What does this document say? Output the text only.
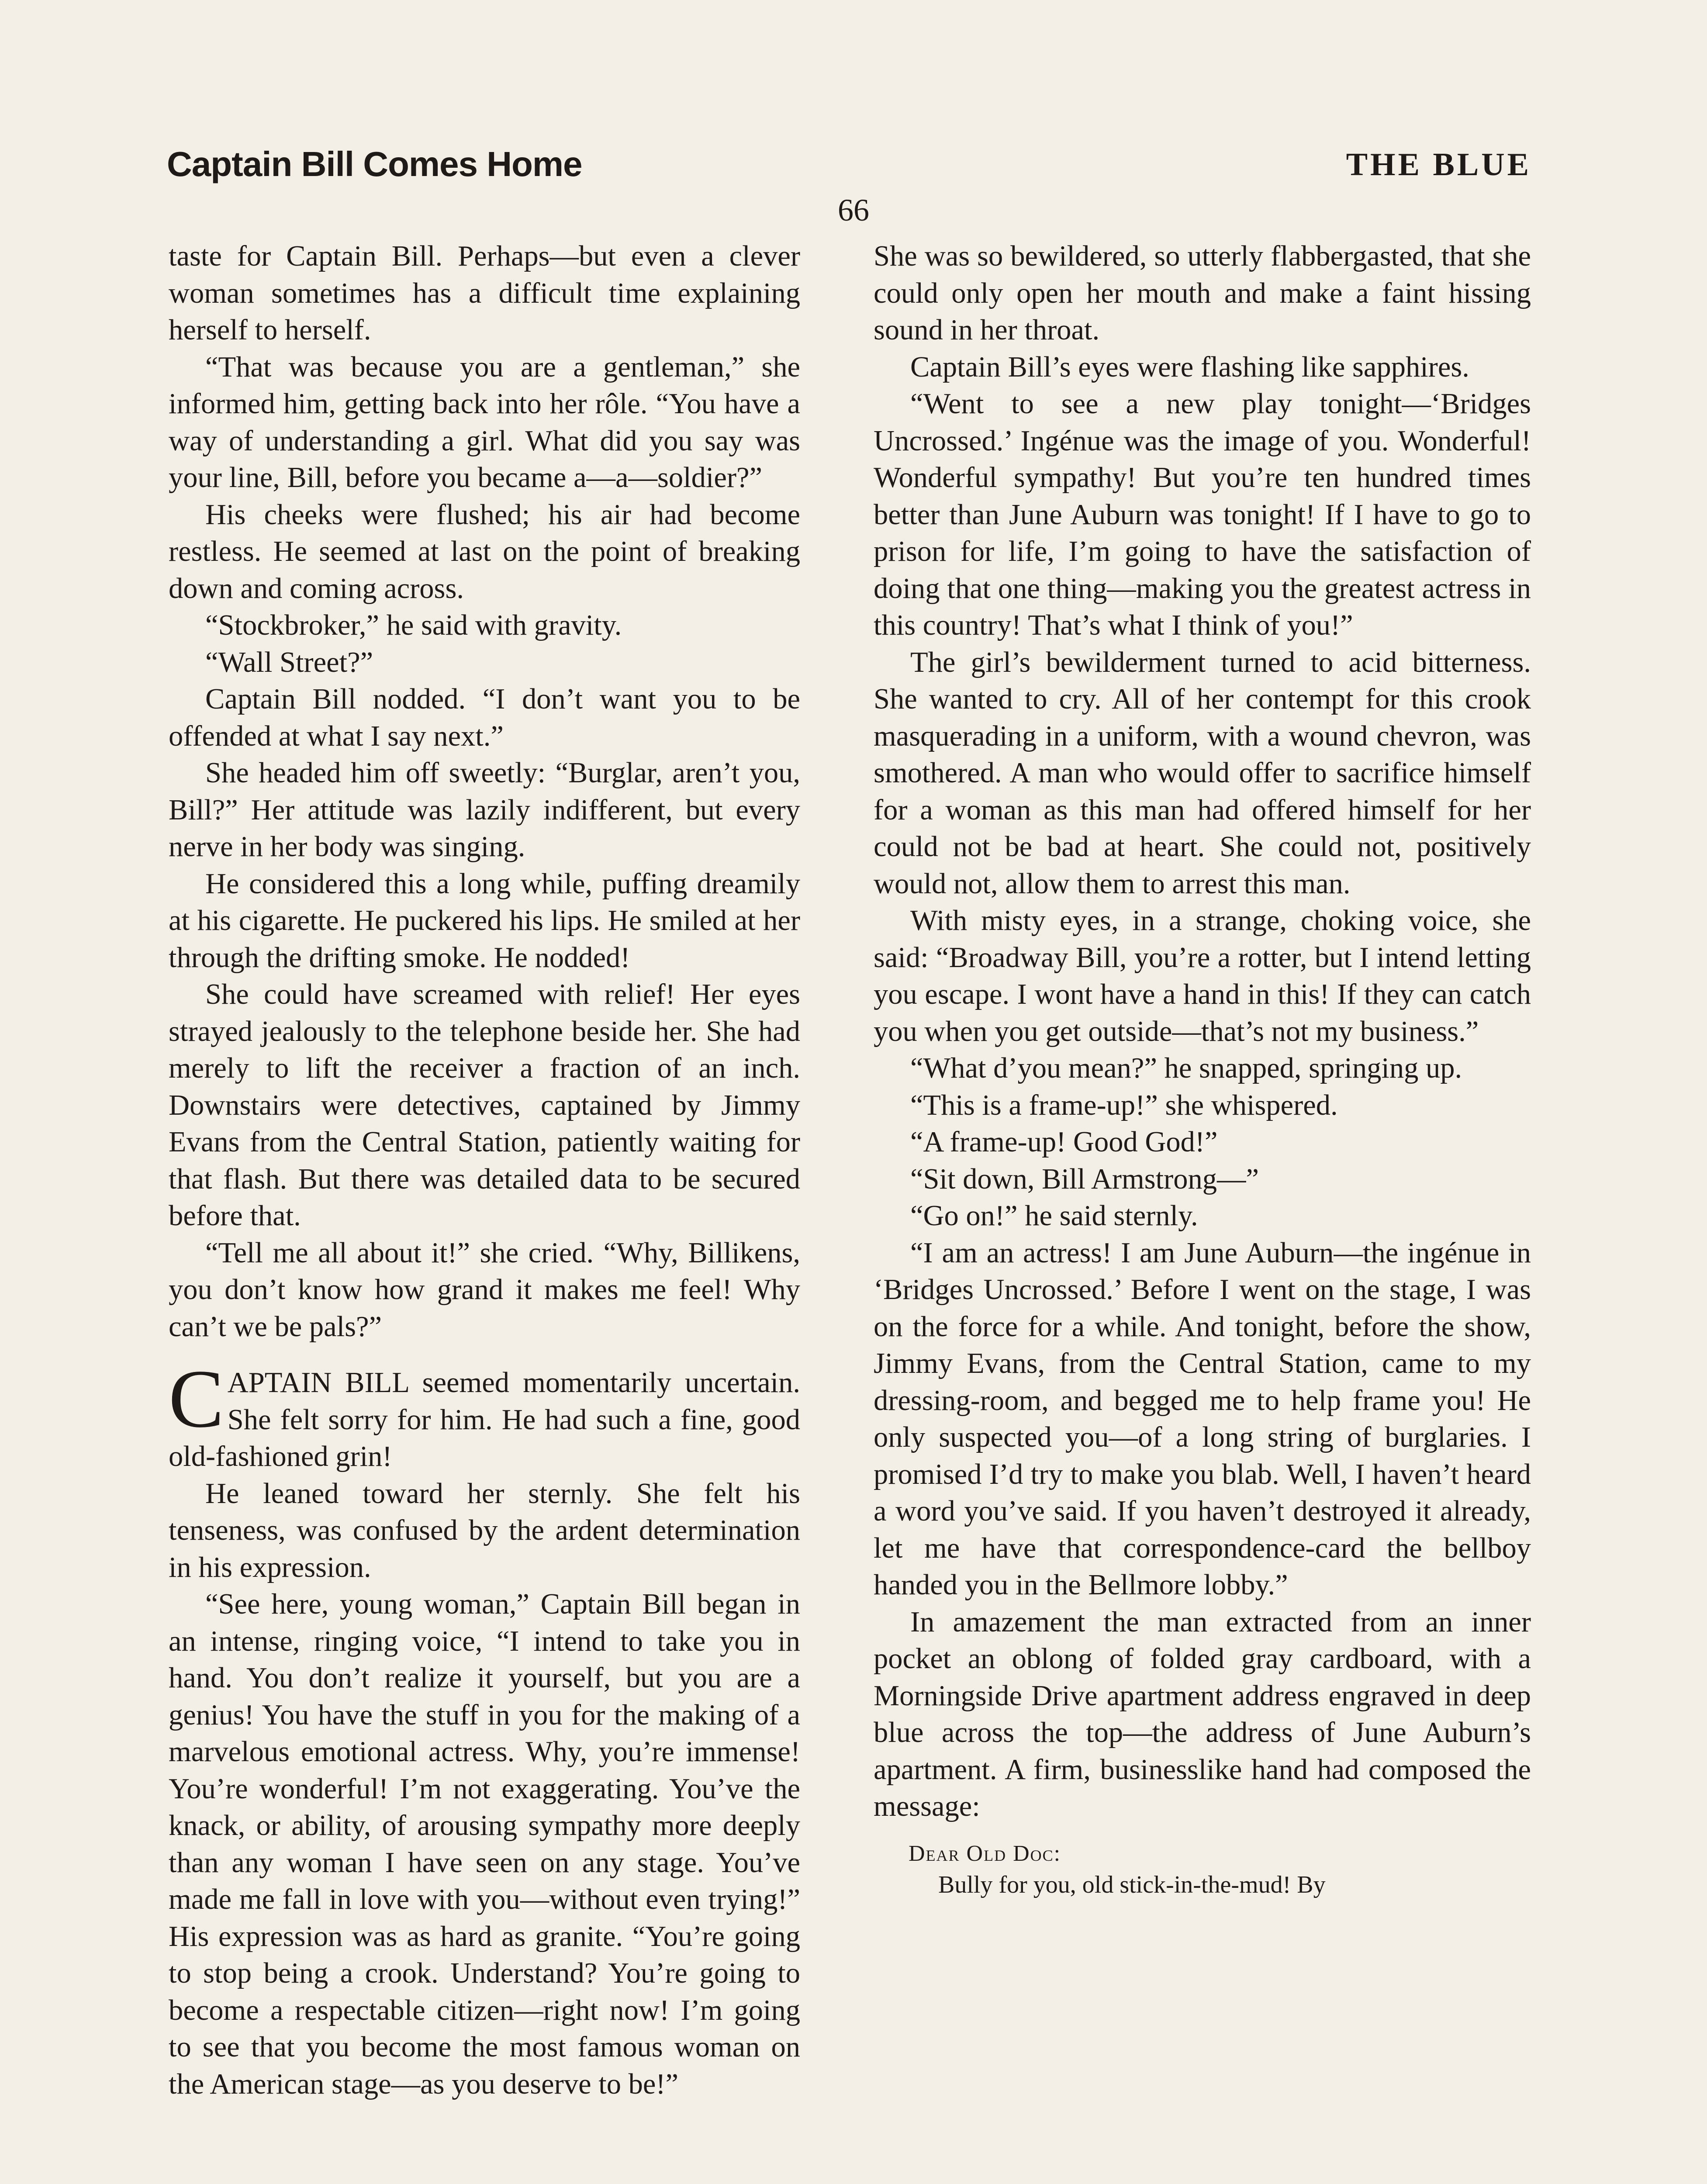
Captain Bill Comes Home	THE BLUE
66

taste for Captain Bill. Perhaps—but even a clever woman sometimes has a difficult time explaining herself to herself.

“That was because you are a gentleman,” she informed him, getting back into her rôle. “You have a way of understanding a girl. What did you say was your line, Bill, before you became a—a—soldier?”

His cheeks were flushed; his air had become restless. He seemed at last on the point of breaking down and coming across.

“Stockbroker,” he said with gravity.

“Wall Street?”

Captain Bill nodded. “I don’t want you to be offended at what I say next.”

She headed him off sweetly: “Burglar, aren’t you, Bill?” Her attitude was lazily indifferent, but every nerve in her body was singing.

He considered this a long while, puffing dreamily at his cigarette. He puckered his lips. He smiled at her through the drifting smoke. He nodded!

She could have screamed with relief! Her eyes strayed jealously to the telephone beside her. She had merely to lift the receiver a fraction of an inch. Downstairs were detectives, captained by Jimmy Evans from the Central Station, patiently waiting for that flash. But there was detailed data to be secured before that.

“Tell me all about it!” she cried. “Why, Billikens, you don’t know how grand it makes me feel! Why can’t we be pals?”

CAPTAIN BILL seemed momentarily uncertain. She felt sorry for him. He had such a fine, good old-fashioned grin!

He leaned toward her sternly. She felt his tenseness, was confused by the ardent determination in his expression.

“See here, young woman,” Captain Bill began in an intense, ringing voice, “I intend to take you in hand. You don’t realize it yourself, but you are a genius! You have the stuff in you for the making of a marvelous emotional actress. Why, you’re immense! You’re wonderful! I’m not exaggerating. You’ve the knack, or ability, of arousing sympathy more deeply than any woman I have seen on any stage. You’ve made me fall in love with you—without even trying!” His expression was as hard as granite. “You’re going to stop being a crook. Understand? You’re going to become a respectable citizen—right now! I’m going to see that you become the most famous woman on the American stage—as you deserve to be!”

She was so bewildered, so utterly flabbergasted, that she could only open her mouth and make a faint hissing sound in her throat.

Captain Bill’s eyes were flashing like sapphires.

“Went to see a new play tonight—‘Bridges Uncrossed.’ Ingénue was the image of you. Wonderful! Wonderful sympathy! But you’re ten hundred times better than June Auburn was tonight! If I have to go to prison for life, I’m going to have the satisfaction of doing that one thing—making you the greatest actress in this country! That’s what I think of you!”

The girl’s bewilderment turned to acid bitterness. She wanted to cry. All of her contempt for this crook masquerading in a uniform, with a wound chevron, was smothered. A man who would offer to sacrifice himself for a woman as this man had offered himself for her could not be bad at heart. She could not, positively would not, allow them to arrest this man.

With misty eyes, in a strange, choking voice, she said: “Broadway Bill, you’re a rotter, but I intend letting you escape. I wont have a hand in this! If they can catch you when you get outside—that’s not my business.”

“What d’you mean?” he snapped, springing up.

“This is a frame-up!” she whispered.

“A frame-up! Good God!”

“Sit down, Bill Armstrong—”

“Go on!” he said sternly.

“I am an actress! I am June Auburn—the ingénue in ‘Bridges Uncrossed.’ Before I went on the stage, I was on the force for a while. And tonight, before the show, Jimmy Evans, from the Central Station, came to my dressing-room, and begged me to help frame you! He only suspected you—of a long string of burglaries. I promised I’d try to make you blab. Well, I haven’t heard a word you’ve said. If you haven’t destroyed it already, let me have that correspondence-card the bellboy handed you in the Bellmore lobby.”

In amazement the man extracted from an inner pocket an oblong of folded gray cardboard, with a Morningside Drive apartment address engraved in deep blue across the top—the address of June Auburn’s apartment. A firm, businesslike hand had composed the message:

Dear Old Doc:
Bully for you, old stick-in-the-mud! By
